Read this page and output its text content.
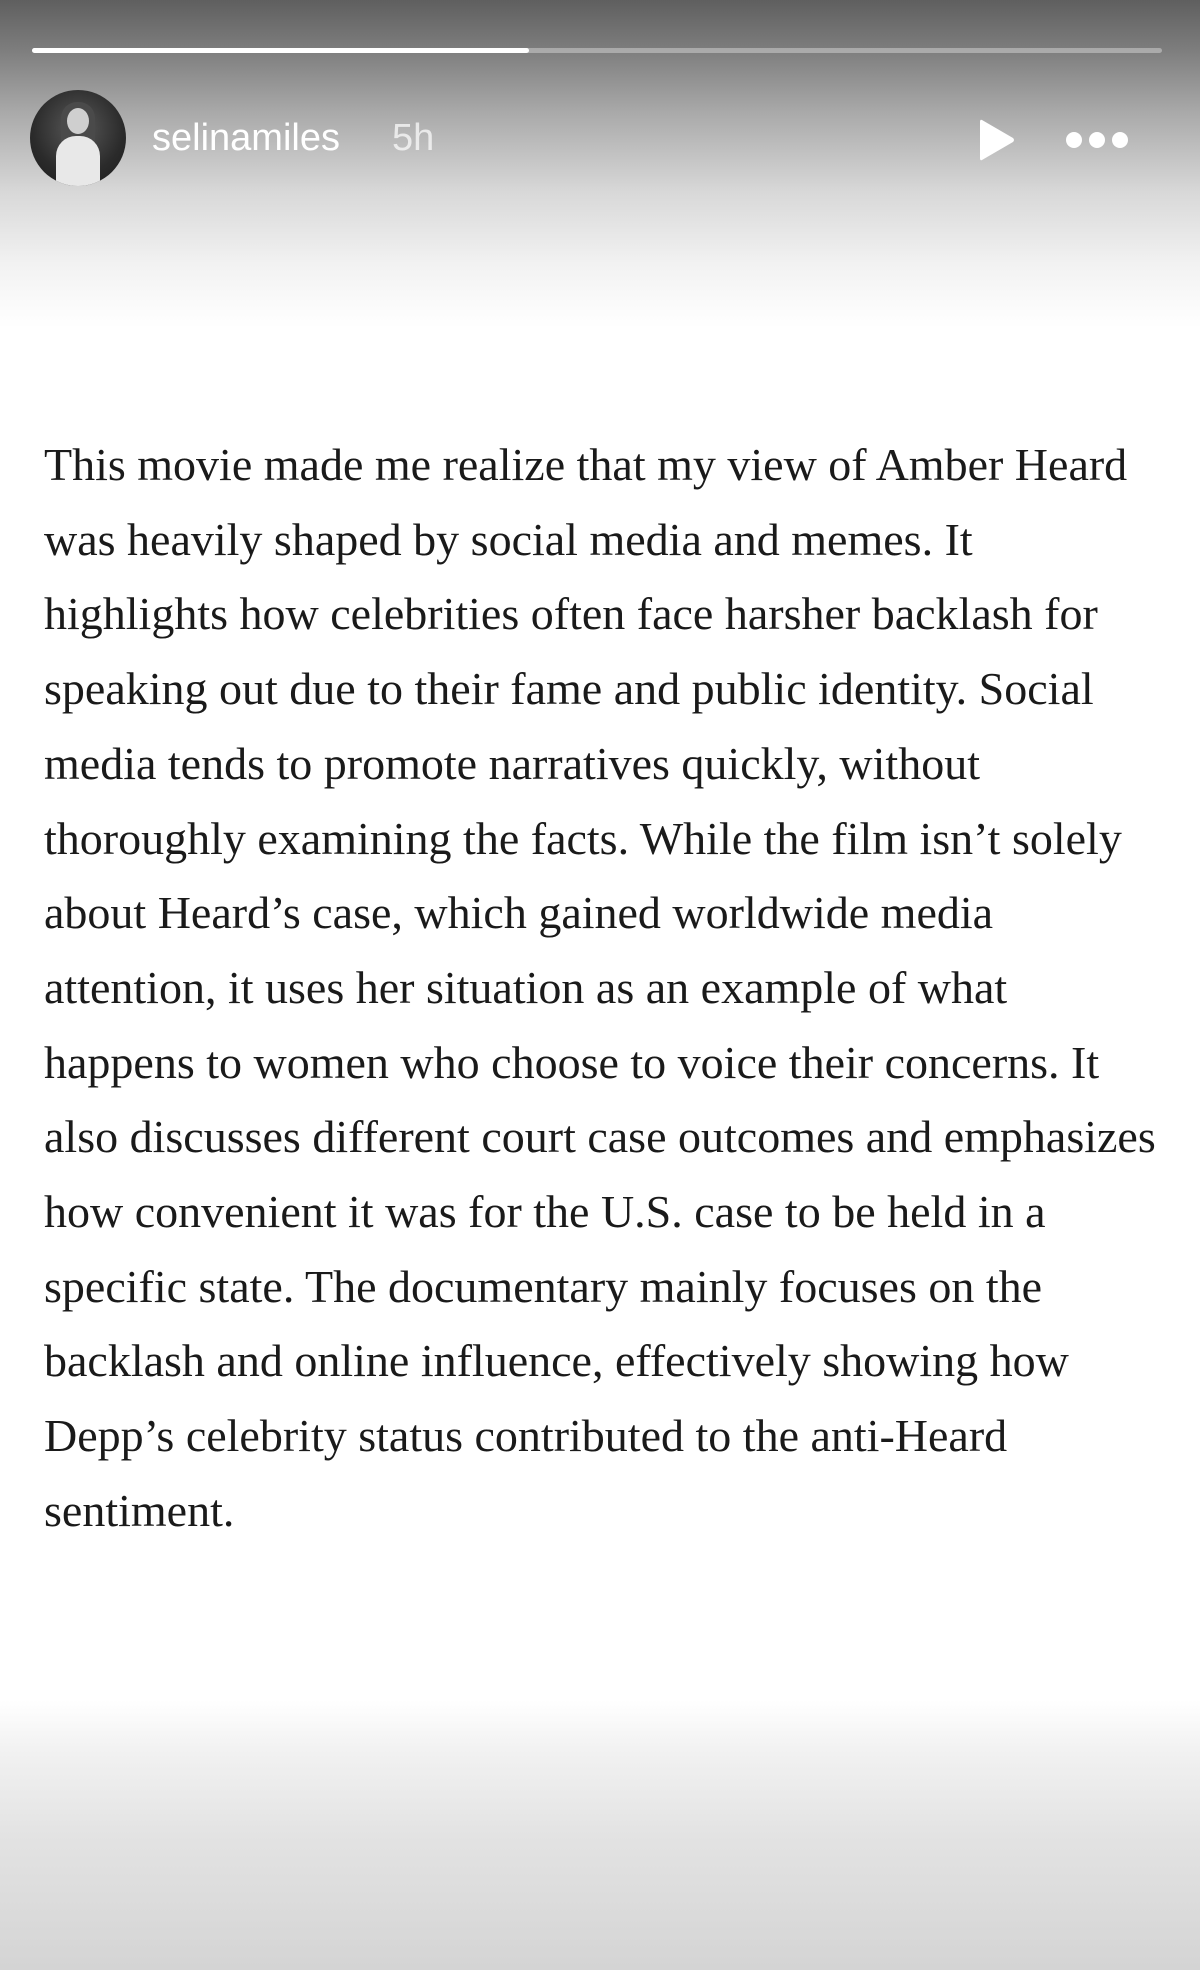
selinamiles 5h

This movie made me realize that my view of Amber Heard was heavily shaped by social media and memes. It highlights how celebrities often face harsher backlash for speaking out due to their fame and public identity. Social media tends to promote narratives quickly, without thoroughly examining the facts. While the film isn’t solely about Heard’s case, which gained worldwide media attention, it uses her situation as an example of what happens to women who choose to voice their concerns. It also discusses different court case outcomes and emphasizes how convenient it was for the U.S. case to be held in a specific state. The documentary mainly focuses on the backlash and online influence, effectively showing how Depp’s celebrity status contributed to the anti-Heard sentiment.
